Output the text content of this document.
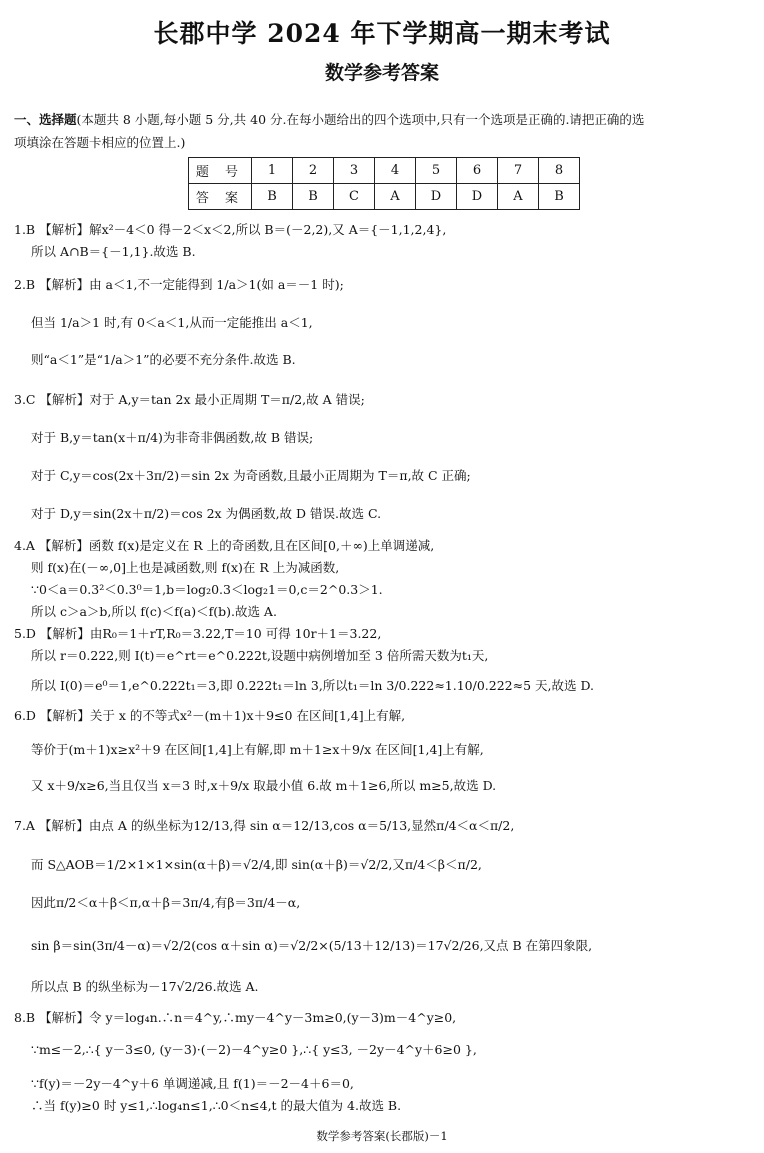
长郡中学 2024 年下学期高一期末考试
数学参考答案
一、选择题(本题共 8 小题,每小题 5 分,共 40 分.在每小题给出的四个选项中,只有一个选项是正确的.请把正确的选
项填涂在答题卡相应的位置上.)
题 号	1	2	3	4	5	6	7	8
答 案	B	B	C	A	D	D	A	B
1.B 【解析】解x²－4＜0 得－2＜x＜2,所以 B＝(－2,2),又 A＝{－1,1,2,4},
所以 A∩B＝{－1,1}.故选 B.
2.B 【解析】由 a＜1,不一定能得到 1/a＞1(如 a＝－1 时);
但当 1/a＞1 时,有 0＜a＜1,从而一定能推出 a＜1,
则“a＜1”是“1/a＞1”的必要不充分条件.故选 B.
3.C 【解析】对于 A,y＝tan 2x 最小正周期 T＝π/2,故 A 错误;
对于 B,y＝tan(x＋π/4)为非奇非偶函数,故 B 错误;
对于 C,y＝cos(2x＋3π/2)＝sin 2x 为奇函数,且最小正周期为 T＝π,故 C 正确;
对于 D,y＝sin(2x＋π/2)＝cos 2x 为偶函数,故 D 错误.故选 C.
4.A 【解析】函数 f(x)是定义在 R 上的奇函数,且在区间[0,＋∞)上单调递减,
则 f(x)在(－∞,0]上也是减函数,则 f(x)在 R 上为减函数,
∵0＜a＝0.3²＜0.3⁰＝1,b＝log₂0.3＜log₂1＝0,c＝2^0.3＞1.
所以 c＞a＞b,所以 f(c)＜f(a)＜f(b).故选 A.
5.D 【解析】由R₀＝1＋rT,R₀＝3.22,T＝10 可得 10r＋1＝3.22,
所以 r＝0.222,则 I(t)＝e^rt＝e^0.222t,设题中病例增加至 3 倍所需天数为t₁天,
所以 I(0)＝e⁰＝1,e^0.222t₁＝3,即 0.222t₁＝ln 3,所以t₁＝ln 3/0.222≈1.10/0.222≈5 天,故选 D.
6.D 【解析】关于 x 的不等式x²－(m＋1)x＋9≤0 在区间[1,4]上有解,
等价于(m＋1)x≥x²＋9 在区间[1,4]上有解,即 m＋1≥x＋9/x 在区间[1,4]上有解,
又 x＋9/x≥6,当且仅当 x＝3 时,x＋9/x 取最小值 6.故 m＋1≥6,所以 m≥5,故选 D.
7.A 【解析】由点 A 的纵坐标为12/13,得 sin α＝12/13,cos α＝5/13,显然π/4＜α＜π/2,
而 S△AOB＝1/2×1×1×sin(α＋β)＝√2/4,即 sin(α＋β)＝√2/2,又π/4＜β＜π/2,
因此π/2＜α＋β＜π,α＋β＝3π/4,有β＝3π/4－α,
sin β＝sin(3π/4－α)＝√2/2(cos α＋sin α)＝√2/2×(5/13＋12/13)＝17√2/26,又点 B 在第四象限,
所以点 B 的纵坐标为－17√2/26.故选 A.
8.B 【解析】令 y＝log₄n.∴n＝4^y,∴my－4^y－3m≥0,(y－3)m－4^y≥0,
∵m≤－2,∴{ y－3≤0, (y－3)·(－2)－4^y≥0 },∴{ y≤3, －2y－4^y＋6≥0 },
∵f(y)＝－2y－4^y＋6 单调递减,且 f(1)＝－2－4＋6＝0,
∴当 f(y)≥0 时 y≤1,∴log₄n≤1,∴0＜n≤4,t 的最大值为 4.故选 B.
数学参考答案(长郡版)－1
